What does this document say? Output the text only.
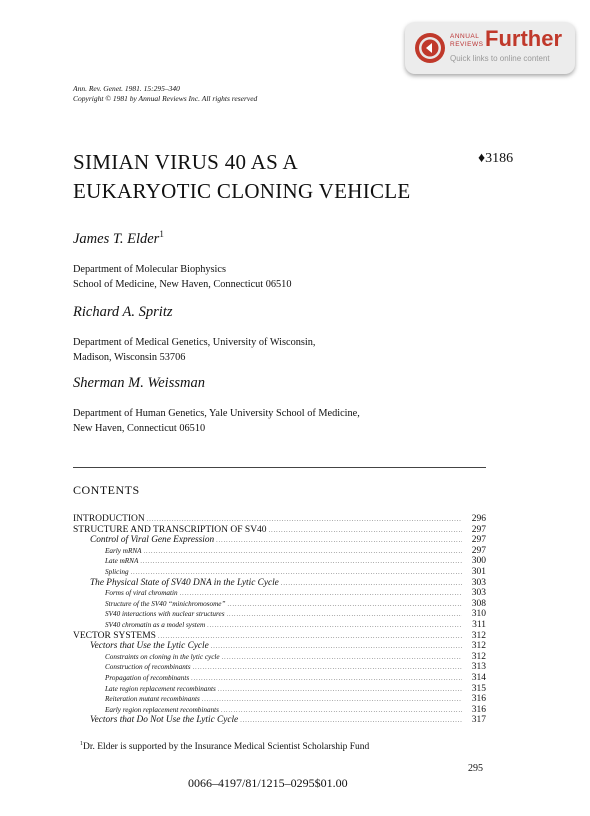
ANNUAL
REVIEWS Further
Quick links to online content
Ann. Rev. Genet. 1981. 15:295–340
Copyright © 1981 by Annual Reviews Inc. All rights reserved
SIMIAN VIRUS 40 AS A
EUKARYOTIC CLONING VEHICLE
♦3186
James T. Elder$^1$
Department of Molecular Biophysics
School of Medicine, New Haven, Connecticut 06510
Richard A. Spritz
Department of Medical Genetics, University of Wisconsin,
Madison, Wisconsin 53706
Sherman M. Weissman
Department of Human Genetics, Yale University School of Medicine,
New Haven, Connecticut 06510
CONTENTS
INTRODUCTION .....	296
STRUCTURE AND TRANSCRIPTION OF SV40 .....	297
Control of Viral Gene Expression .....	297
Early mRNA .....	297
Late mRNA .....	300
Splicing .....	301
The Physical State of SV40 DNA in the Lytic Cycle .....	303
Forms of viral chromatin .....	303
Structure of the SV40 “minichromosome” .....	308
SV40 interactions with nuclear structures .....	310
SV40 chromatin as a model system .....	311
VECTOR SYSTEMS .....	312
Vectors that Use the Lytic Cycle .....	312
Constraints on cloning in the lytic cycle .....	312
Construction of recombinants .....	313
Propagation of recombinants .....	314
Late region replacement recombinants .....	315
Reiteration mutant recombinants .....	316
Early region replacement recombinants .....	316
Vectors that Do Not Use the Lytic Cycle .....	317
$^1$Dr. Elder is supported by the Insurance Medical Scientist Scholarship Fund
295
0066–4197/81/1215–0295$01.00
